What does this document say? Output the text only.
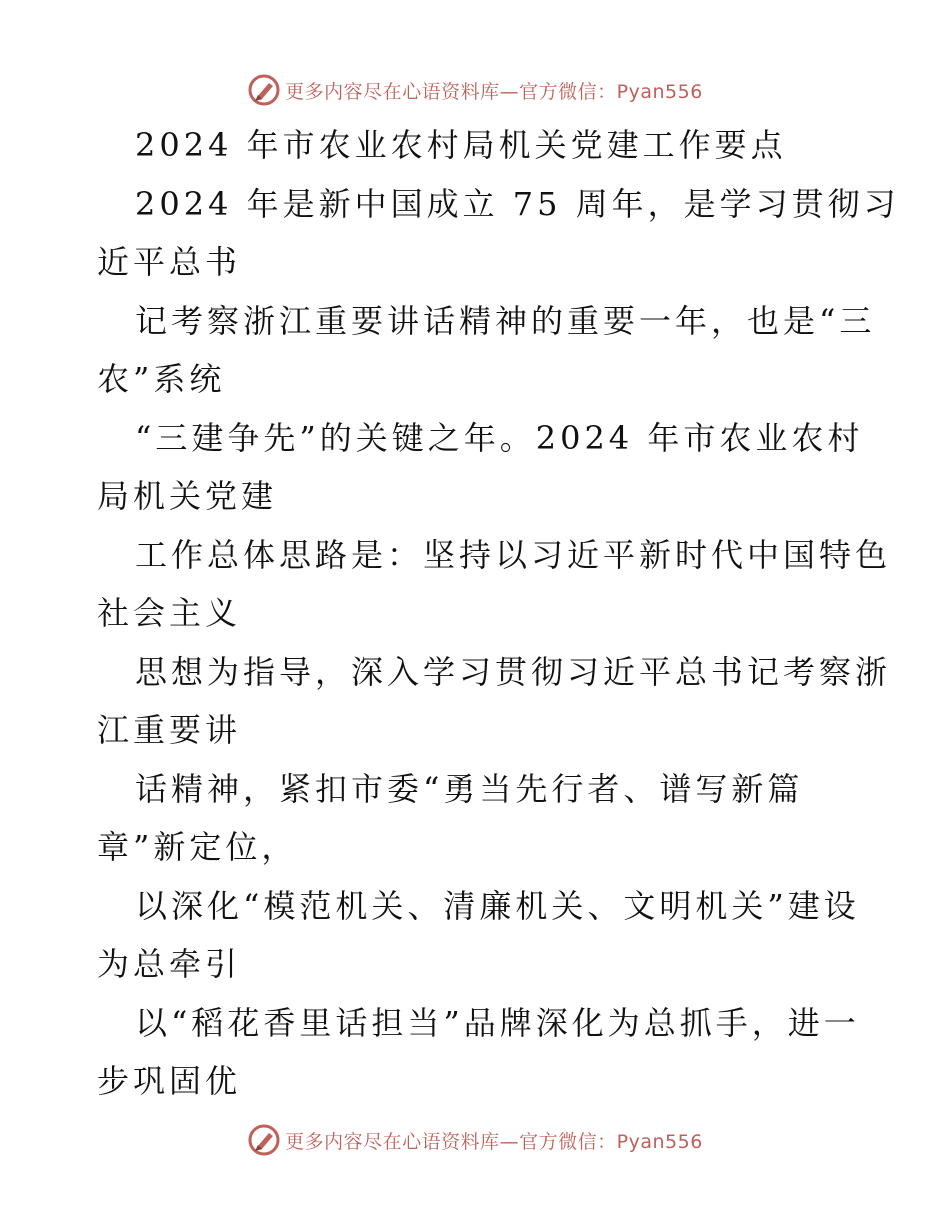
更多内容尽在心语资料库—官方微信：Pyan556
2024 年市农业农村局机关党建工作要点
2024 年是新中国成立 75 周年，是学习贯彻习
近平总书
记考察浙江重要讲话精神的重要一年，也是“三
农”系统
“三建争先”的关键之年。2024 年市农业农村
局机关党建
工作总体思路是：坚持以习近平新时代中国特色
社会主义
思想为指导，深入学习贯彻习近平总书记考察浙
江重要讲
话精神，紧扣市委“勇当先行者、谱写新篇
章”新定位，
以深化“模范机关、清廉机关、文明机关”建设
为总牵引
以“稻花香里话担当”品牌深化为总抓手，进一
步巩固优
更多内容尽在心语资料库—官方微信：Pyan556
